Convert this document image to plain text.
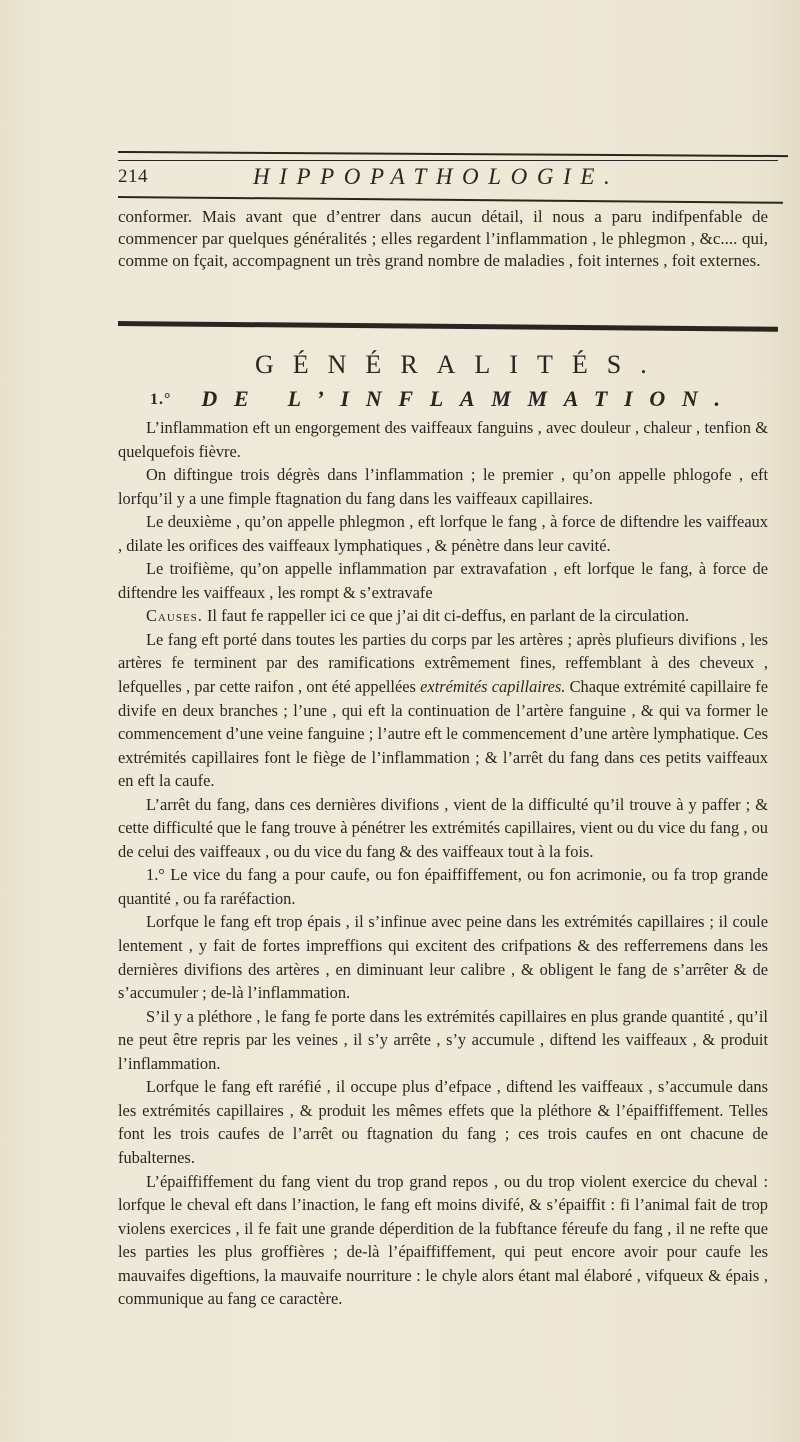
214	HIPPOPATHOLOGIE.

conformer. Mais avant que d’entrer dans aucun détail, il nous a paru indifpenfable de commencer par quelques généralités ; elles regardent l’inflammation , le phlegmon , &c.... qui, comme on fçait, accompagnent un très grand nombre de maladies , foit internes , foit externes.

GÉNÉRALITÉS.
1.° DE L’INFLAMMATION.

L’inflammation eft un engorgement des vaiffeaux fanguins , avec douleur , chaleur , tenfion & quelquefois fièvre.

On diftingue trois dégrès dans l’inflammation ; le premier , qu’on appelle phlogofe , eft lorfqu’il y a une fimple ftagnation du fang dans les vaiffeaux capillaires.

Le deuxième , qu’on appelle phlegmon , eft lorfque le fang , à force de diftendre les vaiffeaux , dilate les orifices des vaiffeaux lymphatiques , & pénètre dans leur cavité.

Le troifième, qu’on appelle inflammation par extravafation , eft lorfque le fang, à force de diftendre les vaiffeaux , les rompt & s’extravafe

Causes. Il faut fe rappeller ici ce que j’ai dit ci-deffus, en parlant de la circulation.

Le fang eft porté dans toutes les parties du corps par les artères ; après plufieurs divifions , les artères fe terminent par des ramifications extrêmement fines, reffemblant à des cheveux , lefquelles , par cette raifon , ont été appellées extrémités capillaires. Chaque extrémité capillaire fe divife en deux branches ; l’une , qui eft la continuation de l’artère fanguine , & qui va former le commencement d’une veine fanguine ; l’autre eft le commencement d’une artère lymphatique. Ces extrémités capillaires font le fiège de l’inflammation ; & l’arrêt du fang dans ces petits vaiffeaux en eft la caufe.

L’arrêt du fang, dans ces dernières divifions , vient de la difficulté qu’il trouve à y paffer ; & cette difficulté que le fang trouve à pénétrer les extrémités capillaires, vient ou du vice du fang , ou de celui des vaiffeaux , ou du vice du fang & des vaiffeaux tout à la fois.

1.° Le vice du fang a pour caufe, ou fon épaiffiffement, ou fon acrimonie, ou fa trop grande quantité , ou fa raréfaction.

Lorfque le fang eft trop épais , il s’infinue avec peine dans les extrémités capillaires ; il coule lentement , y fait de fortes impreffions qui excitent des crifpations & des refferremens dans les dernières divifions des artères , en diminuant leur calibre , & obligent le fang de s’arrêter & de s’accumuler ; de-là l’inflammation.

S’il y a pléthore , le fang fe porte dans les extrémités capillaires en plus grande quantité , qu’il ne peut être repris par les veines , il s’y arrête , s’y accumule , diftend les vaiffeaux , & produit l’inflammation.

Lorfque le fang eft raréfié , il occupe plus d’efpace , diftend les vaiffeaux , s’accumule dans les extrémités capillaires , & produit les mêmes effets que la pléthore & l’épaiffiffement. Telles font les trois caufes de l’arrêt ou ftagnation du fang ; ces trois caufes en ont chacune de fubalternes.

L’épaiffiffement du fang vient du trop grand repos , ou du trop violent exercice du cheval : lorfque le cheval eft dans l’inaction, le fang eft moins divifé, & s’épaiffit : fi l’animal fait de trop violens exercices , il fe fait une grande déperdition de la fubftance féreufe du fang , il ne refte que les parties les plus groffières ; de-là l’épaiffiffement, qui peut encore avoir pour caufe les mauvaifes digeftions, la mauvaife nourriture : le chyle alors étant mal élaboré , vifqueux & épais , communique au fang ce caractère.
